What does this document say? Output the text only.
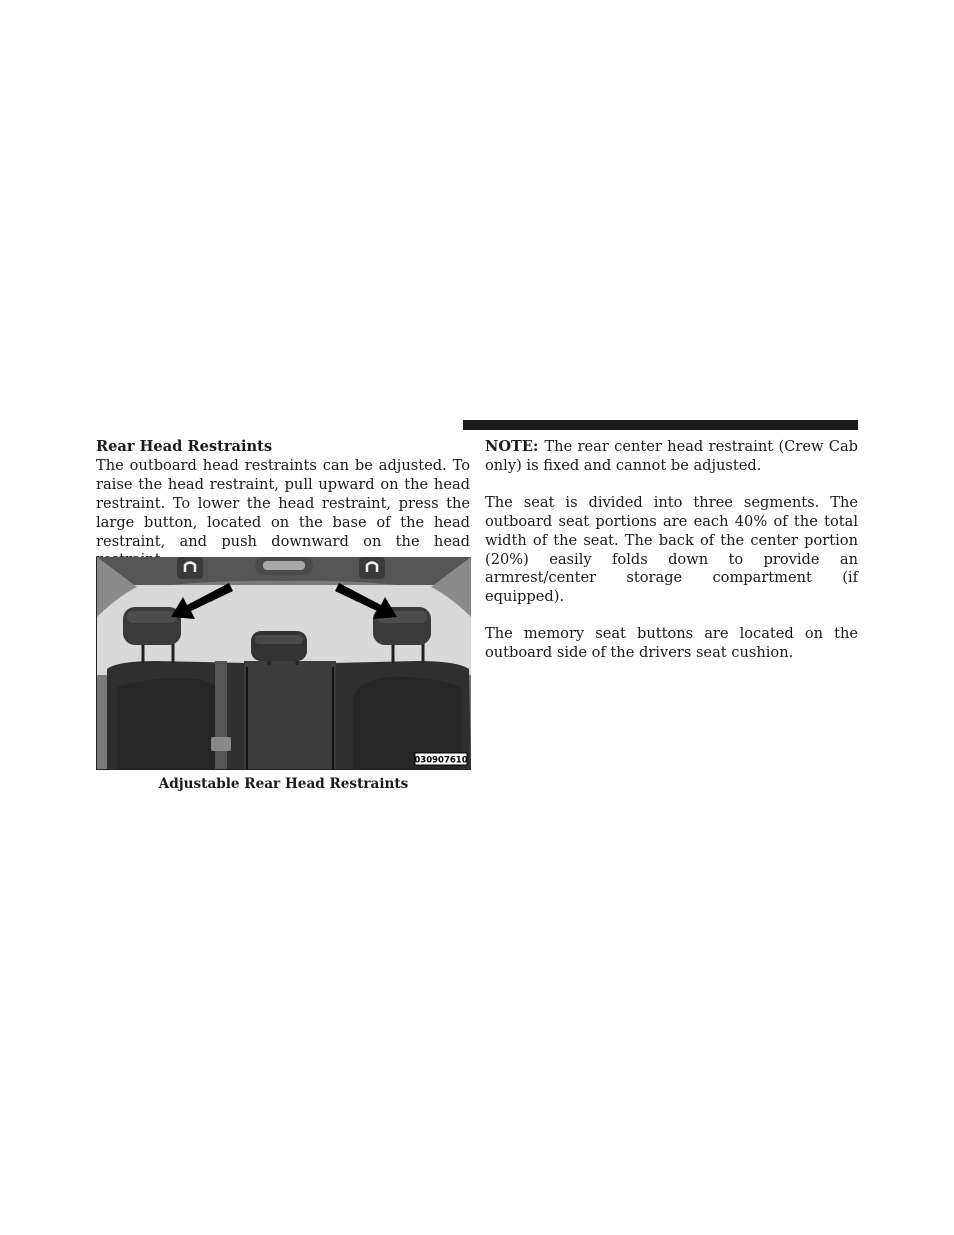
Rear Head Restraints

The outboard head restraints can be adjusted. To raise the head restraint, pull upward on the head restraint. To lower the head restraint, press the large button, located on the base of the head restraint, and push downward on the head

030907610
Adjustable Rear Head Restraints

NOTE: The rear center head restraint (Crew Cab only) is fixed and cannot be adjusted.

The seat is divided into three segments. The outboard seat portions are each 40% of the total width of the seat. The back of the center portion (20%) easily folds down to provide an armrest/center storage compartment (if equipped).

The memory seat buttons are located on the outboard side of the drivers seat cushion.
